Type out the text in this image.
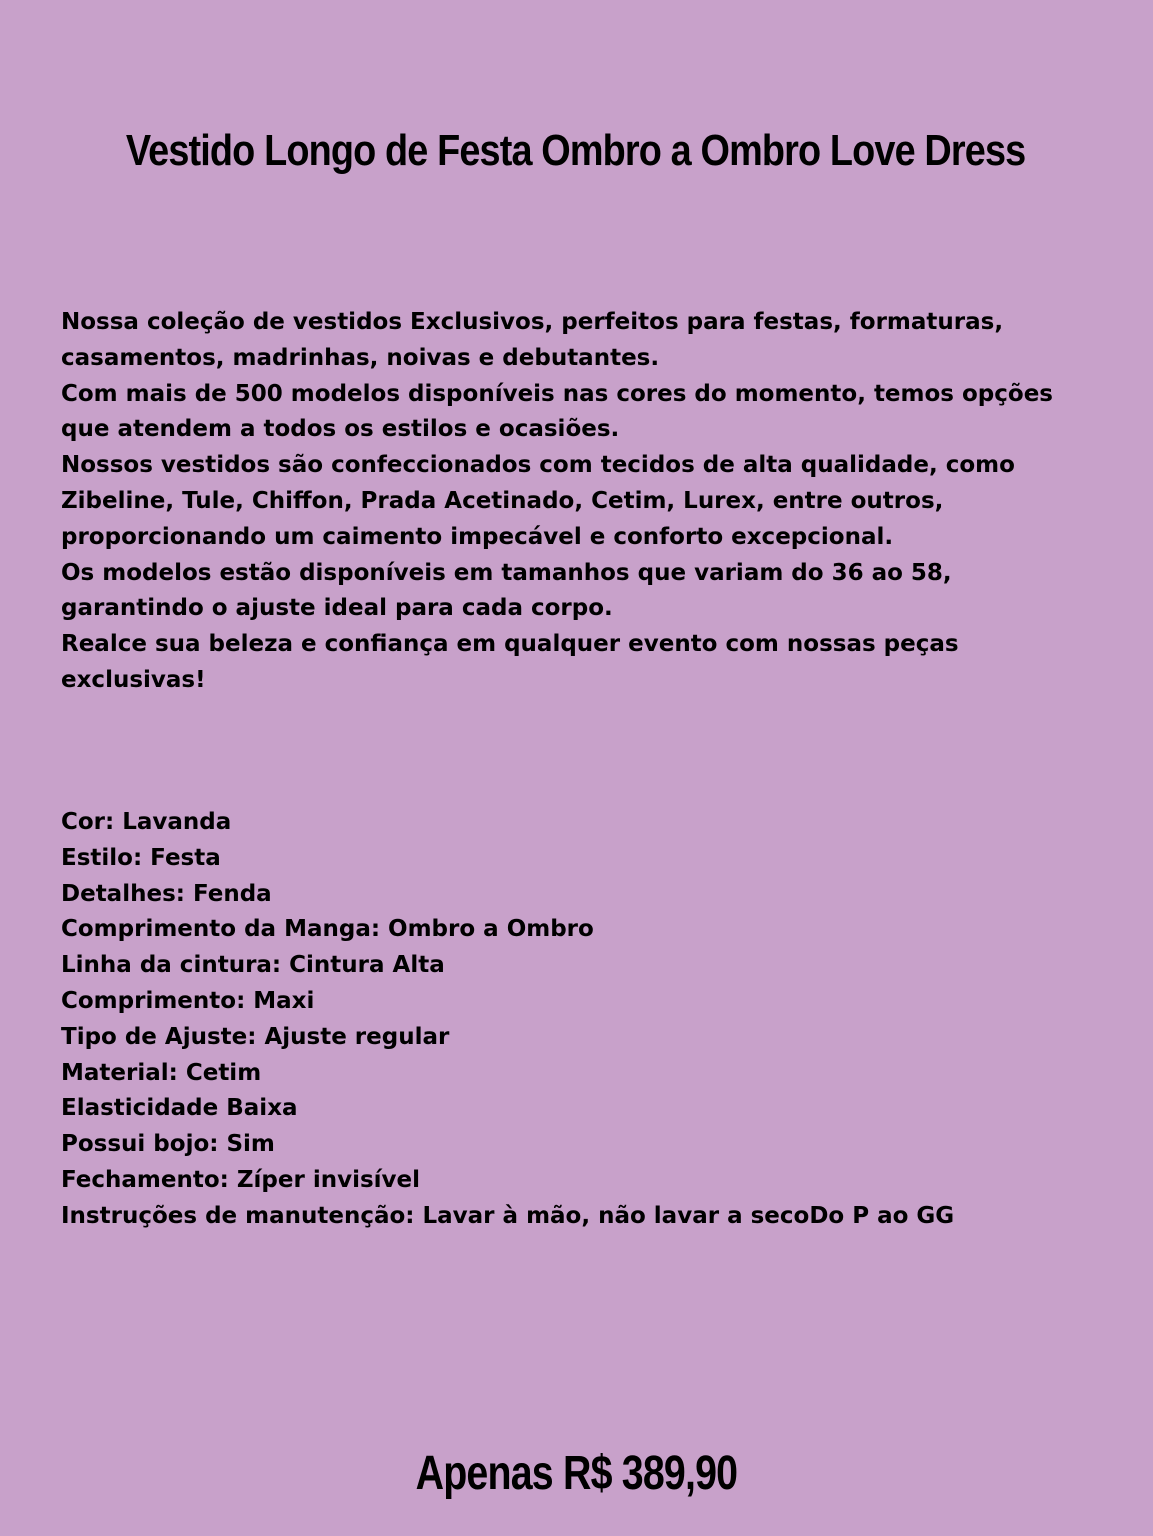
Vestido Longo de Festa Ombro a Ombro Love Dress

Nossa coleção de vestidos Exclusivos, perfeitos para festas, formaturas, casamentos, madrinhas, noivas e debutantes.

Com mais de 500 modelos disponíveis nas cores do momento, temos opções que atendem a todos os estilos e ocasiões.

Nossos vestidos são confeccionados com tecidos de alta qualidade, como Zibeline, Tule, Chiffon, Prada Acetinado, Cetim, Lurex, entre outros, proporcionando um caimento impecável e conforto excepcional.

Os modelos estão disponíveis em tamanhos que variam do 36 ao 58, garantindo o ajuste ideal para cada corpo.

Realce sua beleza e confiança em qualquer evento com nossas peças exclusivas!

Cor: Lavanda
Estilo: Festa
Detalhes: Fenda
Comprimento da Manga: Ombro a Ombro
Linha da cintura: Cintura Alta
Comprimento: Maxi
Tipo de Ajuste: Ajuste regular
Material: Cetim
Elasticidade Baixa
Possui bojo: Sim
Fechamento: Zíper invisível
Instruções de manutenção: Lavar à mão, não lavar a secoDo P ao GG
Apenas R$ 389,90
